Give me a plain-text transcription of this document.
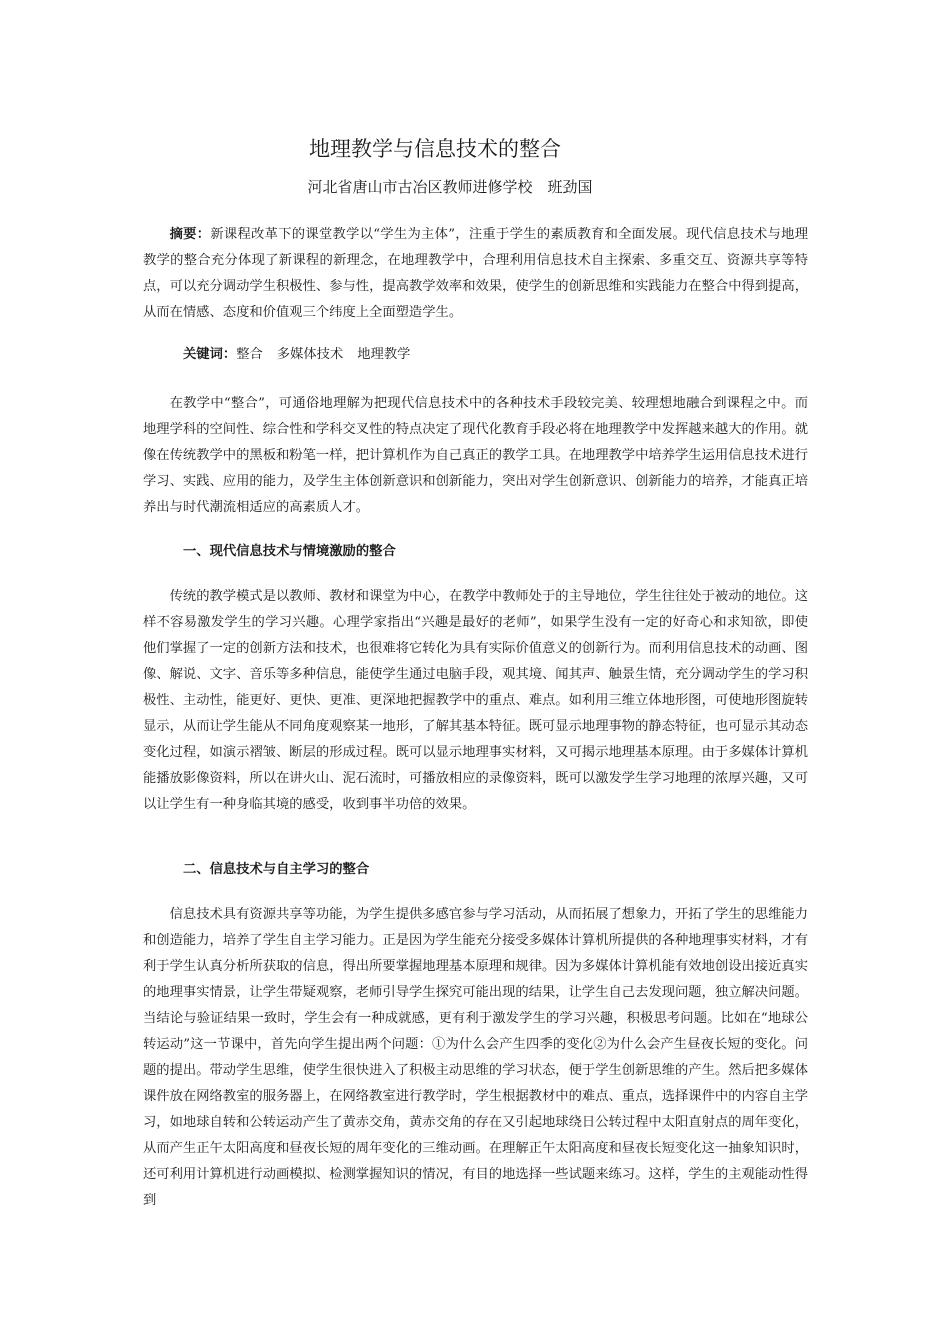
地理教学与信息技术的整合
河北省唐山市古冶区教师进修学校　班劲国
摘要：新课程改革下的课堂教学以“学生为主体”，注重于学生的素质教育和全面发展。现代信息技术与地理教学的整合充分体现了新课程的新理念，在地理教学中，合理利用信息技术自主探索、多重交互、资源共享等特点，可以充分调动学生积极性、参与性，提高教学效率和效果，使学生的创新思维和实践能力在整合中得到提高，从而在情感、态度和价值观三个纬度上全面塑造学生。
关键词：整合 多媒体技术 地理教学
在教学中“整合”，可通俗地理解为把现代信息技术中的各种技术手段较完美、较理想地融合到课程之中。而地理学科的空间性、综合性和学科交叉性的特点决定了现代化教育手段必将在地理教学中发挥越来越大的作用。就像在传统教学中的黑板和粉笔一样，把计算机作为自己真正的教学工具。在地理教学中培养学生运用信息技术进行学习、实践、应用的能力，及学生主体创新意识和创新能力，突出对学生创新意识、创新能力的培养，才能真正培养出与时代潮流相适应的高素质人才。
一、现代信息技术与情境激励的整合
传统的教学模式是以教师、教材和课堂为中心，在教学中教师处于的主导地位，学生往往处于被动的地位。这样不容易激发学生的学习兴趣。心理学家指出“兴趣是最好的老师”，如果学生没有一定的好奇心和求知欲，即使他们掌握了一定的创新方法和技术，也很难将它转化为具有实际价值意义的创新行为。而利用信息技术的动画、图像、解说、文字、音乐等多种信息，能使学生通过电脑手段，观其境、闻其声、触景生情，充分调动学生的学习积极性、主动性，能更好、更快、更准、更深地把握教学中的重点、难点。如利用三维立体地形图，可使地形图旋转显示，从而让学生能从不同角度观察某一地形，了解其基本特征。既可显示地理事物的静态特征，也可显示其动态变化过程，如演示褶皱、断层的形成过程。既可以显示地理事实材料，又可揭示地理基本原理。由于多媒体计算机能播放影像资料，所以在讲火山、泥石流时，可播放相应的录像资料，既可以激发学生学习地理的浓厚兴趣，又可以让学生有一种身临其境的感受，收到事半功倍的效果。
二、信息技术与自主学习的整合
信息技术具有资源共享等功能，为学生提供多感官参与学习活动，从而拓展了想象力，开拓了学生的思维能力和创造能力，培养了学生自主学习能力。正是因为学生能充分接受多媒体计算机所提供的各种地理事实材料，才有利于学生认真分析所获取的信息，得出所要掌握地理基本原理和规律。因为多媒体计算机能有效地创设出接近真实的地理事实情景，让学生带疑观察，老师引导学生探究可能出现的结果，让学生自己去发现问题，独立解决问题。当结论与验证结果一致时，学生会有一种成就感，更有利于激发学生的学习兴趣，积极思考问题。比如在“地球公转运动”这一节课中，首先向学生提出两个问题：①为什么会产生四季的变化②为什么会产生昼夜长短的变化。问题的提出。带动学生思维，使学生很快进入了积极主动思维的学习状态，便于学生创新思维的产生。然后把多媒体课件放在网络教室的服务器上，在网络教室进行教学时，学生根据教材中的难点、重点，选择课件中的内容自主学习，如地球自转和公转运动产生了黄赤交角，黄赤交角的存在又引起地球绕日公转过程中太阳直射点的周年变化，从而产生正午太阳高度和昼夜长短的周年变化的三维动画。在理解正午太阳高度和昼夜长短变化这一抽象知识时，还可利用计算机进行动画模拟、检测掌握知识的情况，有目的地选择一些试题来练习。这样，学生的主观能动性得到
